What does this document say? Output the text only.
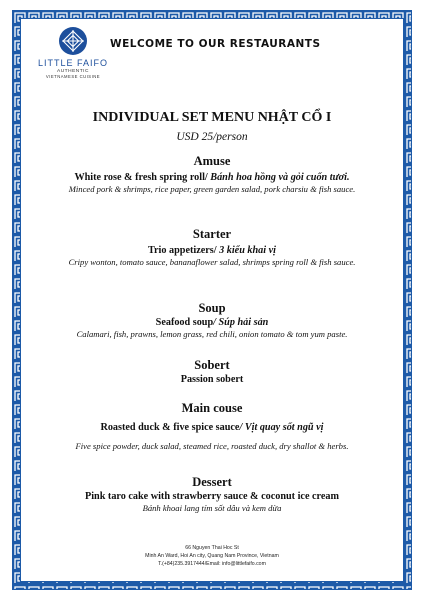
LITTLE FAIFO
AUTHENTIC
VIETNAMESE CUISINE
WELCOME TO OUR RESTAURANTS
INDIVIDUAL SET MENU NHẬT CỔ I
USD 25/person
Amuse
White rose & fresh spring roll/ Bánh hoa hồng và gỏi cuốn tươi.
Minced pork & shrimps, rice paper, green garden salad, pork charsiu & fish sauce.
Starter
Trio appetizers/ 3 kiểu khai vị
Cripy wonton, tomato sauce, bananaflower salad, shrimps spring roll & fish sauce.
Soup
Seafood soup/ Súp hải sản
Calamari, fish, prawns, lemon grass, red chili, onion tomato & tom yum paste.
Sobert
Passion sobert
Main couse
Roasted duck & five spice sauce/ Vịt quay sốt ngũ vị
Five spice powder, duck salad, steamed rice, roasted duck, dry shallot & herbs.
Dessert
Pink taro cake with strawberry sauce & coconut ice cream
Bánh khoai lang tím sốt dâu và kem dừa
66 Nguyen Thai Hoc St
Minh An Ward, Hoi An city, Quang Nam Province, Vietnam
T.(+84)235.3917444/Email: info@littlefaifo.com
